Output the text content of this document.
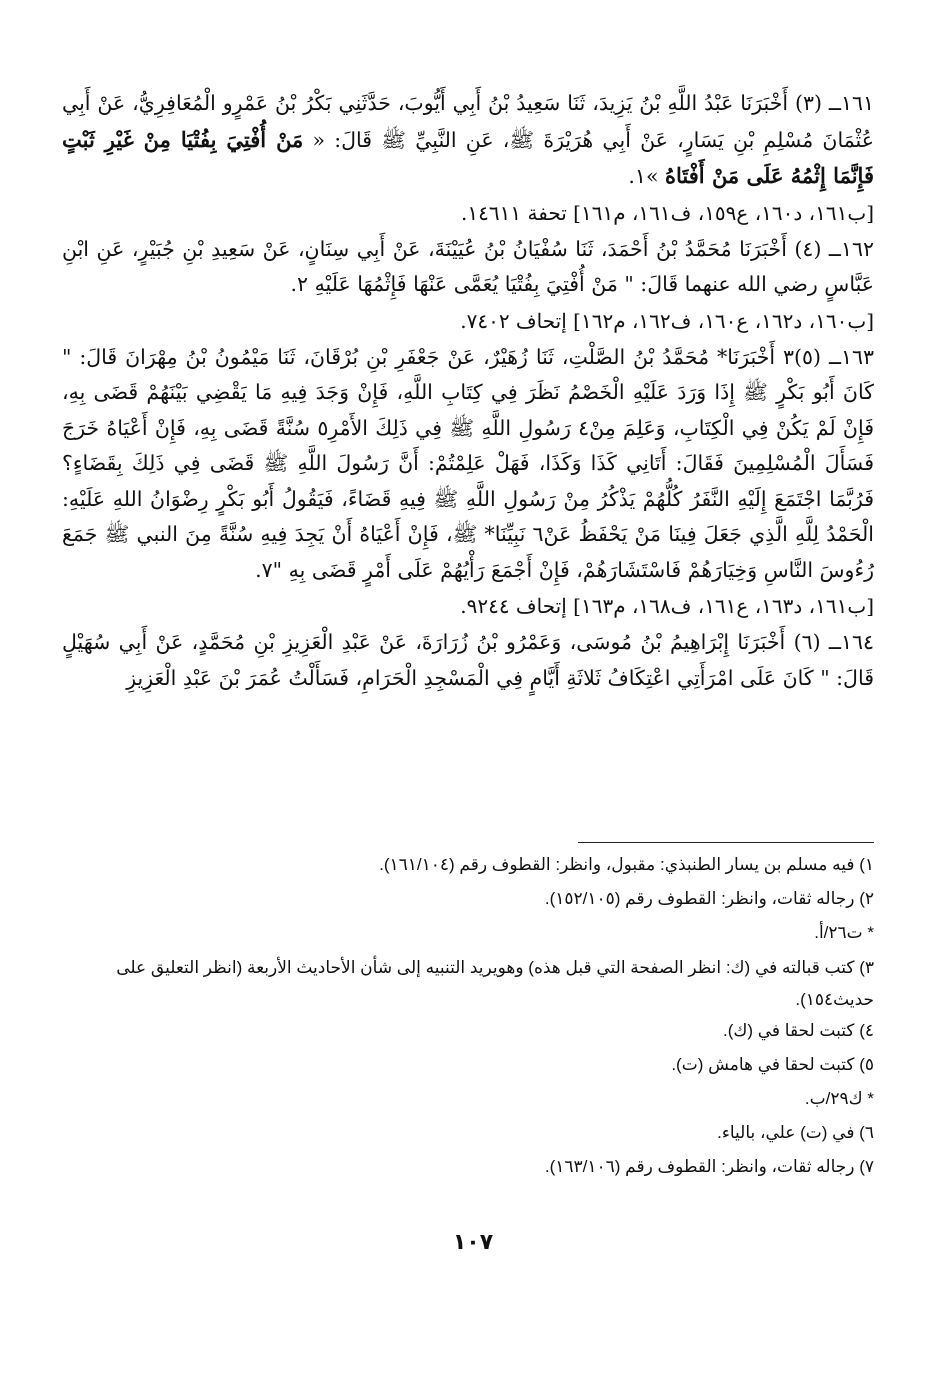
١٦١ــ (٣) أَخْبَرَنَا عَبْدُ اللَّهِ بْنُ يَزِيدَ، ثَنَا سَعِيدُ بْنُ أَبِي أَيُّوبَ، حَدَّثَنِي بَكْرُ بْنُ عَمْرٍو الْمُعَافِرِيُّ، عَنْ أَبِي عُثْمَانَ مُسْلِمِ بْنِ يَسَارٍ، عَنْ أَبِي هُرَيْرَةَ ﷺ، عَنِ النَّبِيِّ ﷺ قَالَ: « مَنْ أُفْتِيَ بِفُتْيَا مِنْ غَيْرِ ثَبْتٍ فَإِنَّمَا إِثْمُهُ عَلَى مَنْ أَفْتَاهُ »١.

[ب١٦١، د١٦٠، ع١٥٩، ف١٦١، م١٦١] تحفة ١٤٦١١.

١٦٢ــ (٤) أَخْبَرَنَا مُحَمَّدُ بْنُ أَحْمَدَ، ثَنَا سُفْيَانُ بْنُ عُيَيْنَةَ، عَنْ أَبِي سِنَانٍ، عَنْ سَعِيدِ بْنِ جُبَيْرٍ، عَنِ ابْنِ عَبَّاسٍ رضي الله عنهما قَالَ: " مَنْ أُفْتِيَ بِفُتْيَا يُعَمَّى عَنْهَا فَإِثْمُهَا عَلَيْهِ ٢.

[ب١٦٠، د١٦٢، ع١٦٠، ف١٦٢، م١٦٢] إتحاف ٧٤٠٢.

١٦٣ــ (٥)٣ أَخْبَرَنَا* مُحَمَّدُ بْنُ الصَّلْتِ، ثَنَا زُهَيْرٌ، عَنْ جَعْفَرِ بْنِ بُرْقَانَ، ثَنَا مَيْمُونُ بْنُ مِهْرَانَ قَالَ: " كَانَ أَبُو بَكْرٍ ﷺ إِذَا وَرَدَ عَلَيْهِ الْخَصْمُ نَظَرَ فِي كِتَابِ اللَّهِ، فَإِنْ وَجَدَ فِيهِ مَا يَقْضِي بَيْنَهُمْ قَضَى بِهِ، فَإِنْ لَمْ يَكُنْ فِي الْكِتَابِ، وَعَلِمَ مِنْ٤ رَسُولِ اللَّهِ ﷺ فِي ذَلِكَ الأَمْرِ٥ سُنَّةً قَضَى بِهِ، فَإِنْ أَعْيَاهُ خَرَجَ فَسَأَلَ الْمُسْلِمِينَ فَقَالَ: أَتَانِي كَذَا وَكَذَا، فَهَلْ عَلِمْتُمْ: أَنَّ رَسُولَ اللَّهِ ﷺ قَضَى فِي ذَلِكَ بِقَضَاءٍ؟ فَرُبَّمَا اجْتَمَعَ إِلَيْهِ النَّفَرُ كُلُّهُمْ يَذْكُرُ مِنْ رَسُولِ اللَّهِ ﷺ فِيهِ قَضَاءً، فَيَقُولُ أَبُو بَكْرٍ رِضْوَانُ اللهِ عَلَيْهِ: الْحَمْدُ لِلَّهِ الَّذِي جَعَلَ فِينَا مَنْ يَحْفَظُ عَنْ٦ نَبِيِّنَا* ﷺ، فَإِنْ أَعْيَاهُ أَنْ يَجِدَ فِيهِ سُنَّةً مِنَ النبي ﷺ جَمَعَ رُءُوسَ النَّاسِ وَخِيَارَهُمْ فَاسْتَشَارَهُمْ، فَإِنْ أَجْمَعَ رَأْيُهُمْ عَلَى أَمْرٍ قَضَى بِهِ "٧.

[ب١٦١، د١٦٣، ع١٦١، ف١٦٨، م١٦٣] إتحاف ٩٢٤٤.

١٦٤ــ (٦) أَخْبَرَنَا إِبْرَاهِيمُ بْنُ مُوسَى، وَعَمْرُو بْنُ زُرَارَةَ، عَنْ عَبْدِ الْعَزِيزِ بْنِ مُحَمَّدٍ، عَنْ أَبِي سُهَيْلٍ قَالَ: " كَانَ عَلَى امْرَأَتِي اعْتِكَافُ ثَلاثَةِ أَيَّامٍ فِي الْمَسْجِدِ الْحَرَامِ، فَسَأَلْتُ عُمَرَ بْنَ عَبْدِ الْعَزِيزِ

١) فيه مسلم بن يسار الطنبذي: مقبول، وانظر: القطوف رقم (١٦١/١٠٤).

٢) رجاله ثقات، وانظر: القطوف رقم (١٥٢/١٠٥).

* ت٢٦/أ.

٣) كتب قبالته في (ك: انظر الصفحة التي قبل هذه) وهويريد التنبيه إلى شأن الأحاديث الأربعة (انظر التعليق على حديث١٥٤).

٤) كتبت لحقا في (ك).

٥) كتبت لحقا في هامش (ت).

* ك٢٩/ب.

٦) في (ت) علي، بالياء.

٧) رجاله ثقات، وانظر: القطوف رقم (١٦٣/١٠٦).

١٠٧
